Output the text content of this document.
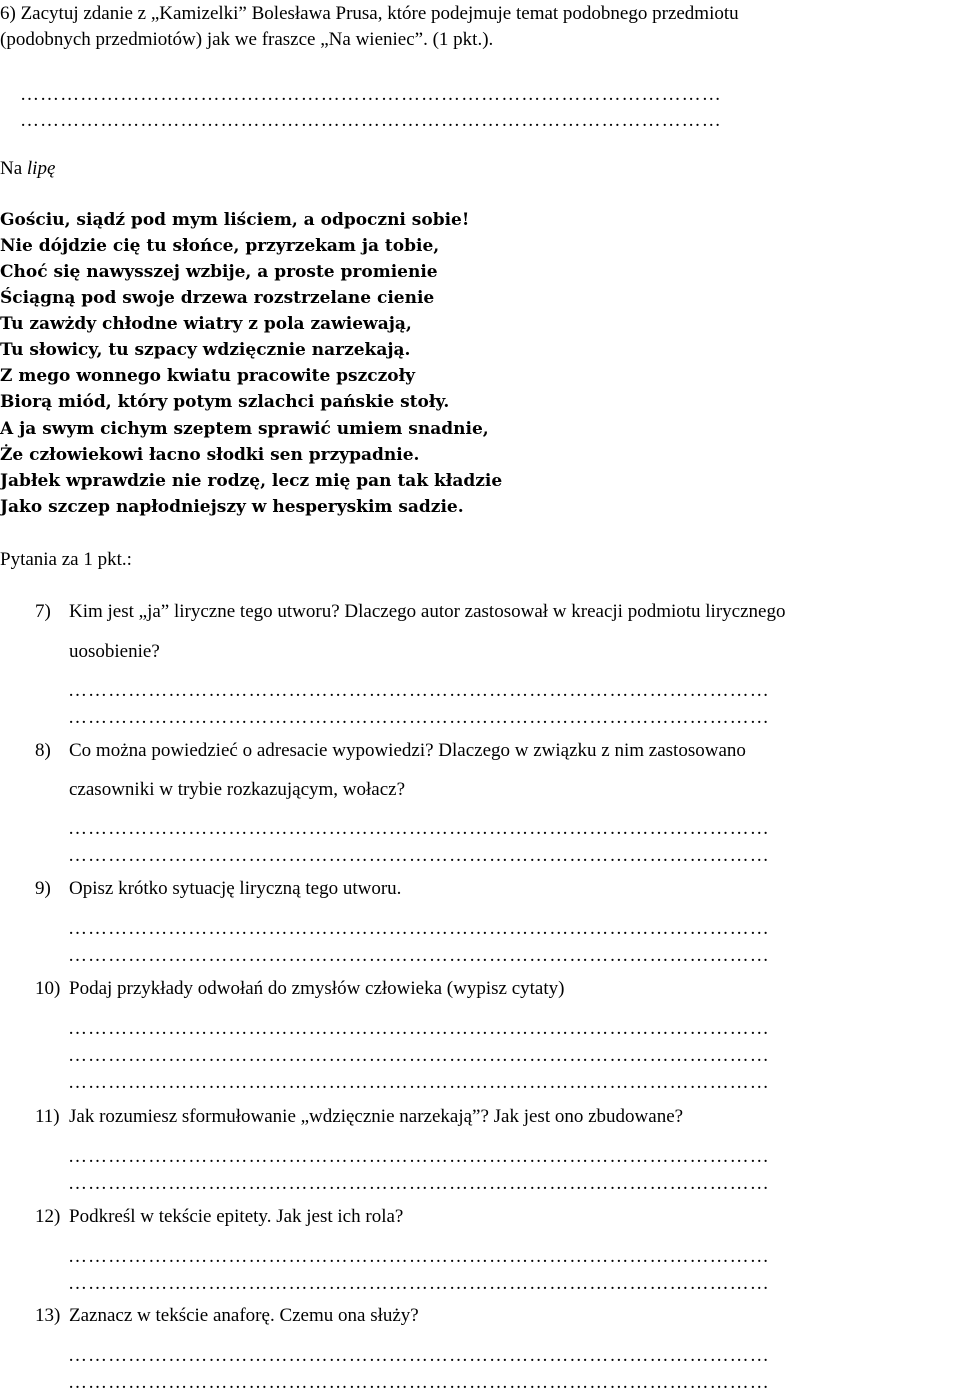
6) Zacytuj zdanie z „Kamizelki” Bolesława Prusa, które podejmuje temat podobnego przedmiotu
(podobnych przedmiotów) jak we fraszce „Na wieniec”. (1 pkt.).
……………………………………………………………………………………………
……………………………………………………………………………………………
Na lipę
Gościu, siądź pod mym liściem, a odpoczni sobie!
Nie dójdzie cię tu słońce, przyrzekam ja tobie,
Choć się nawysszej wzbije, a proste promienie
Ściągną pod swoje drzewa rozstrzelane cienie
Tu zawżdy chłodne wiatry z pola zawiewają,
Tu słowicy, tu szpacy wdzięcznie narzekają.
Z mego wonnego kwiatu pracowite pszczoły
Biorą miód, który potym szlachci pańskie stoły.
A ja swym cichym szeptem sprawić umiem snadnie,
Że człowiekowi łacno słodki sen przypadnie.
Jabłek wprawdzie nie rodzę, lecz mię pan tak kładzie
Jako szczep napłodniejszy w hesperyskim sadzie.
Pytania za 1 pkt.:
7) Kim jest „ja” liryczne tego utworu? Dlaczego autor zastosował w kreacji podmiotu lirycznego
uosobienie?
……………………………………………………………………………………………
……………………………………………………………………………………………
8) Co można powiedzieć o adresacie wypowiedzi? Dlaczego w związku z nim zastosowano
czasowniki w trybie rozkazującym, wołacz?
……………………………………………………………………………………………
……………………………………………………………………………………………
9) Opisz krótko sytuację liryczną tego utworu.
……………………………………………………………………………………………
……………………………………………………………………………………………
10) Podaj przykłady odwołań do zmysłów człowieka (wypisz cytaty)
……………………………………………………………………………………………
……………………………………………………………………………………………
……………………………………………………………………………………………
11) Jak rozumiesz sformułowanie „wdzięcznie narzekają”? Jak jest ono zbudowane?
……………………………………………………………………………………………
……………………………………………………………………………………………
12) Podkreśl w tekście epitety. Jak jest ich rola?
……………………………………………………………………………………………
……………………………………………………………………………………………
13) Zaznacz w tekście anaforę. Czemu ona służy?
……………………………………………………………………………………………
……………………………………………………………………………………………
